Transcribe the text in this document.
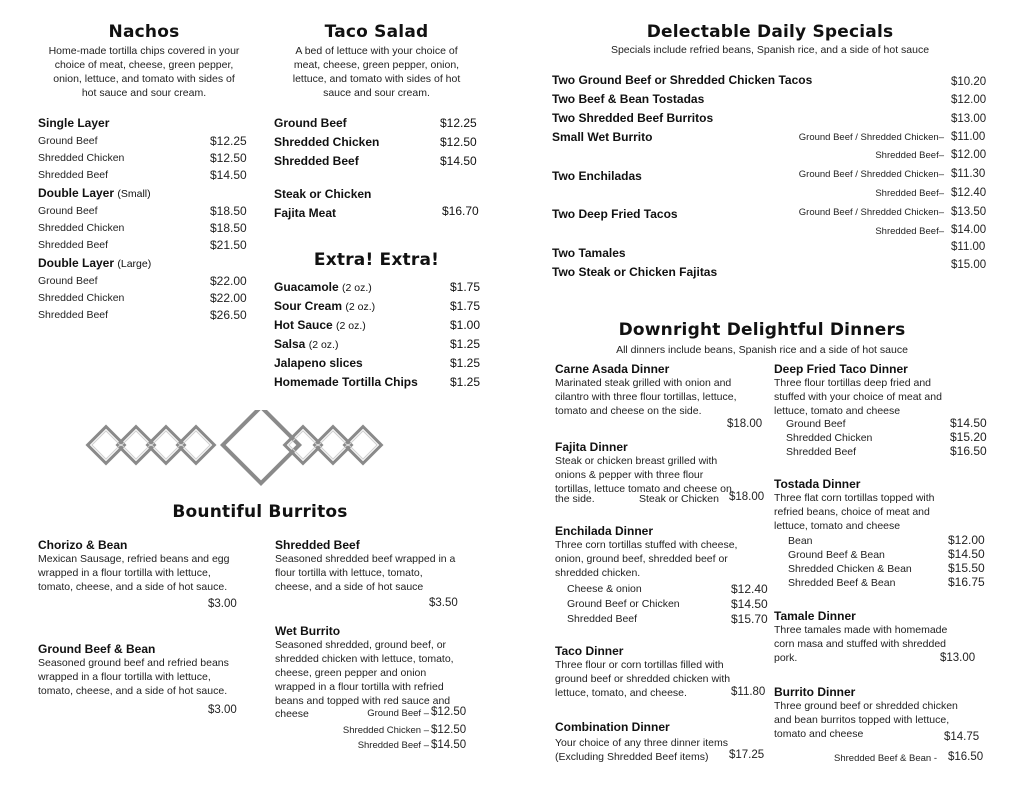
Nachos
Home-made tortilla chips covered in your
choice of meat, cheese, green pepper,
onion, lettuce, and tomato with sides of
hot sauce and sour cream.
Single Layer
Ground Beef	$12.25
Shredded Chicken	$12.50
Shredded Beef	$14.50
Double Layer (Small)
Ground Beef	$18.50
Shredded Chicken	$18.50
Shredded Beef	$21.50
Double Layer (Large)
Ground Beef	$22.00
Shredded Chicken	$22.00
Shredded Beef	$26.50
Taco Salad
A bed of lettuce with your choice of
meat, cheese, green pepper, onion,
lettuce, and tomato with sides of hot
sauce and sour cream.
Ground Beef	$12.25
Shredded Chicken	$12.50
Shredded Beef	$14.50
Steak or Chicken
Fajita Meat	$16.70
Extra! Extra!
Guacamole (2 oz.)	$1.75
Sour Cream (2 oz.)	$1.75
Hot Sauce (2 oz.)	$1.00
Salsa (2 oz.)	$1.25
Jalapeno slices	$1.25
Homemade Tortilla Chips	$1.25
Bountiful Burritos
Chorizo & Bean
Mexican Sausage, refried beans and egg
wrapped in a flour tortilla with lettuce,
tomato, cheese, and a side of hot sauce.
$3.00
Ground Beef & Bean
Seasoned ground beef and refried beans
wrapped in a flour tortilla with lettuce,
tomato, cheese, and a side of hot sauce.
$3.00
Shredded Beef
Seasoned shredded beef wrapped in a
flour tortilla with lettuce, tomato,
cheese, and a side of hot sauce
$3.50
Wet Burrito
Seasoned shredded, ground beef, or
shredded chicken with lettuce, tomato,
cheese, green pepper and onion
wrapped in a flour tortilla with refried
beans and topped with red sauce and
cheese	Ground Beef – $12.50
Shredded Chicken – $12.50
Shredded Beef – $14.50
Delectable Daily Specials
Specials include refried beans, Spanish rice, and a side of hot sauce
Two Ground Beef or Shredded Chicken Tacos	$10.20
Two Beef & Bean Tostadas	$12.00
Two Shredded Beef Burritos	$13.00
Small Wet Burrito	Ground Beef / Shredded Chicken– $11.00
Shredded Beef– $12.00
Two Enchiladas	Ground Beef / Shredded Chicken– $11.30
Shredded Beef– $12.40
Two Deep Fried Tacos	Ground Beef / Shredded Chicken– $13.50
Shredded Beef– $14.00
Two Tamales	$11.00
Two Steak or Chicken Fajitas	$15.00
Downright Delightful Dinners
All dinners include beans, Spanish rice and a side of hot sauce
Carne Asada Dinner
Marinated steak grilled with onion and
cilantro with three flour tortillas, lettuce,
tomato and cheese on the side.
$18.00
Fajita Dinner
Steak or chicken breast grilled with
onions & pepper with three flour
tortillas, lettuce tomato and cheese on
the side.	Steak or Chicken $18.00
Enchilada Dinner
Three corn tortillas stuffed with cheese,
onion, ground beef, shredded beef or
shredded chicken.
Cheese & onion	$12.40
Ground Beef or Chicken	$14.50
Shredded Beef	$15.70
Taco Dinner
Three flour or corn tortillas filled with
ground beef or shredded chicken with
lettuce, tomato, and cheese.	$11.80
Combination Dinner
Your choice of any three dinner items
(Excluding Shredded Beef items) $17.25
Deep Fried Taco Dinner
Three flour tortillas deep fried and
stuffed with your choice of meat and
lettuce, tomato and cheese
Ground Beef	$14.50
Shredded Chicken	$15.20
Shredded Beef	$16.50
Tostada Dinner
Three flat corn tortillas topped with
refried beans, choice of meat and
lettuce, tomato and cheese
Bean	$12.00
Ground Beef & Bean	$14.50
Shredded Chicken & Bean	$15.50
Shredded Beef & Bean	$16.75
Tamale Dinner
Three tamales made with homemade
corn masa and stuffed with shredded
pork.	$13.00
Burrito Dinner
Three ground beef or shredded chicken
and bean burritos topped with lettuce,
tomato and cheese	$14.75
Shredded Beef & Bean - $16.50
